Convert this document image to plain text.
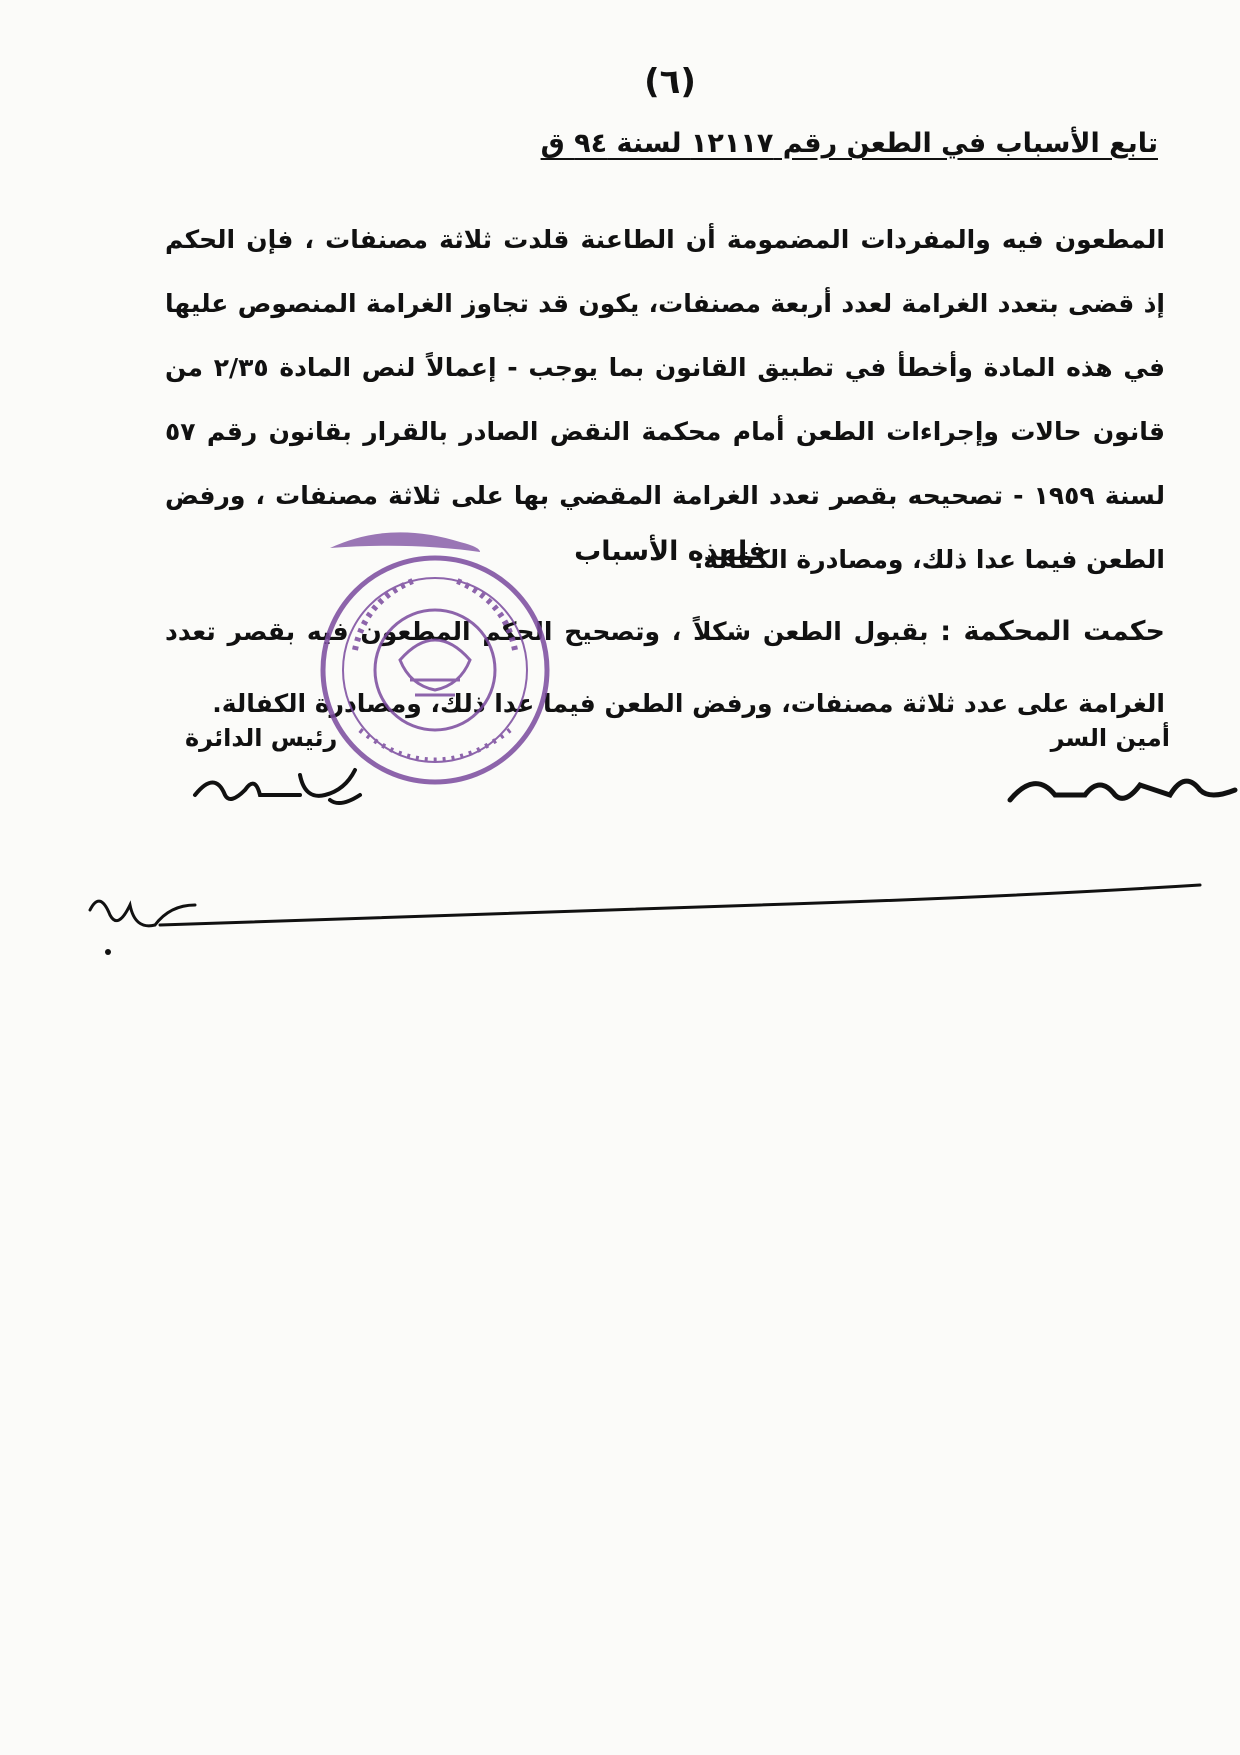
(٦)
تابع الأسباب في الطعن رقم ١٢١١٧ لسنة ٩٤ ق

المطعون فيه والمفردات المضمومة أن الطاعنة قلدت ثلاثة مصنفات ، فإن الحكم إذ قضى بتعدد الغرامة لعدد أربعة مصنفات، يكون قد تجاوز الغرامة المنصوص عليها في هذه المادة وأخطأ في تطبيق القانون بما يوجب - إعمالاً لنص المادة ٢/٣٥ من قانون حالات وإجراءات الطعن أمام محكمة النقض الصادر بالقرار بقانون رقم ٥٧ لسنة ١٩٥٩ - تصحيحه بقصر تعدد الغرامة المقضي بها على ثلاثة مصنفات ، ورفض الطعن فيما عدا ذلك، ومصادرة الكفالة.

فلهذه الأسباب

حكمت المحكمة : بقبول الطعن شكلاً ، وتصحيح الحكم المطعون فيه بقصر تعدد الغرامة على عدد ثلاثة مصنفات، ورفض الطعن فيما عدا ذلك، ومصادرة الكفالة.

رئيس الدائرة	أمين السر
